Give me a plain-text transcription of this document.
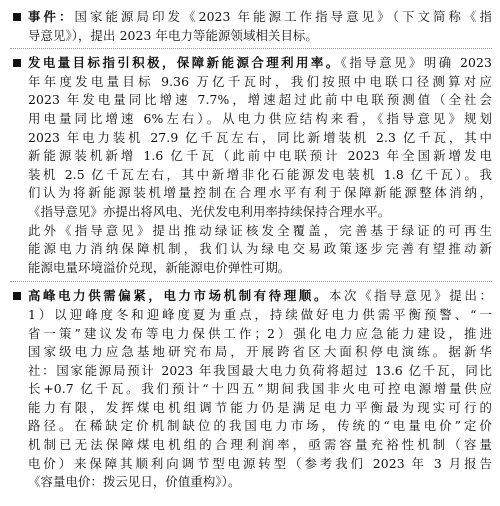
事件：国家能源局印发《2023 年能源工作指导意见》（下文简称《指
导意见》），提出 2023 年电力等能源领域相关目标。
发电量目标指引积极，保障新能源合理利用率。《指导意见》明确 2023
年年度发电量目标 9.36 万亿千瓦时，我们按照中电联口径测算对应
2023 年发电量同比增速 7.7%，增速超过此前中电联预测值（全社会
用电量同比增速 6%左右）。从电力供应结构来看，《指导意见》规划
2023 年电力装机 27.9 亿千瓦左右，同比新增装机 2.3 亿千瓦，其中
新能源装机新增 1.6 亿千瓦（此前中电联预计 2023 年全国新增发电
装机 2.5 亿千瓦左右，其中新增非化石能源发电装机 1.8 亿千瓦）。我
们认为将新能源装机增量控制在合理水平有利于保障新能源整体消纳，
《指导意见》亦提出将风电、光伏发电利用率持续保持合理水平。
此外《指导意见》提出推动绿证核发全覆盖，完善基于绿证的可再生
能源电力消纳保障机制，我们认为绿电交易政策逐步完善有望推动新
能源电量环境溢价兑现，新能源电价弹性可期。
高峰电力供需偏紧，电力市场机制有待理顺。本次《指导意见》提出：
1）以迎峰度冬和迎峰度夏为重点，持续做好电力供需平衡预警、“一
省一策”建议发布等电力保供工作；2）强化电力应急能力建设，推进
国家级电力应急基地研究布局，开展跨省区大面积停电演练。据新华
社：国家能源局预计 2023 年我国最大电力负荷将超过 13.6 亿千瓦，同比
长+0.7 亿千瓦。我们预计“十四五”期间我国非火电可控电源增量供应
能力有限，发挥煤电机组调节能力仍是满足电力平衡最为现实可行的
路径。在稀缺定价机制缺位的我国电力市场，传统的“电量电价”定价
机制已无法保障煤电机组的合理利润率，亟需容量充裕性机制（容量
电价）来保障其顺利向调节型电源转型（参考我们 2023 年 3 月报告
《容量电价：拨云见日，价值重构》）。
